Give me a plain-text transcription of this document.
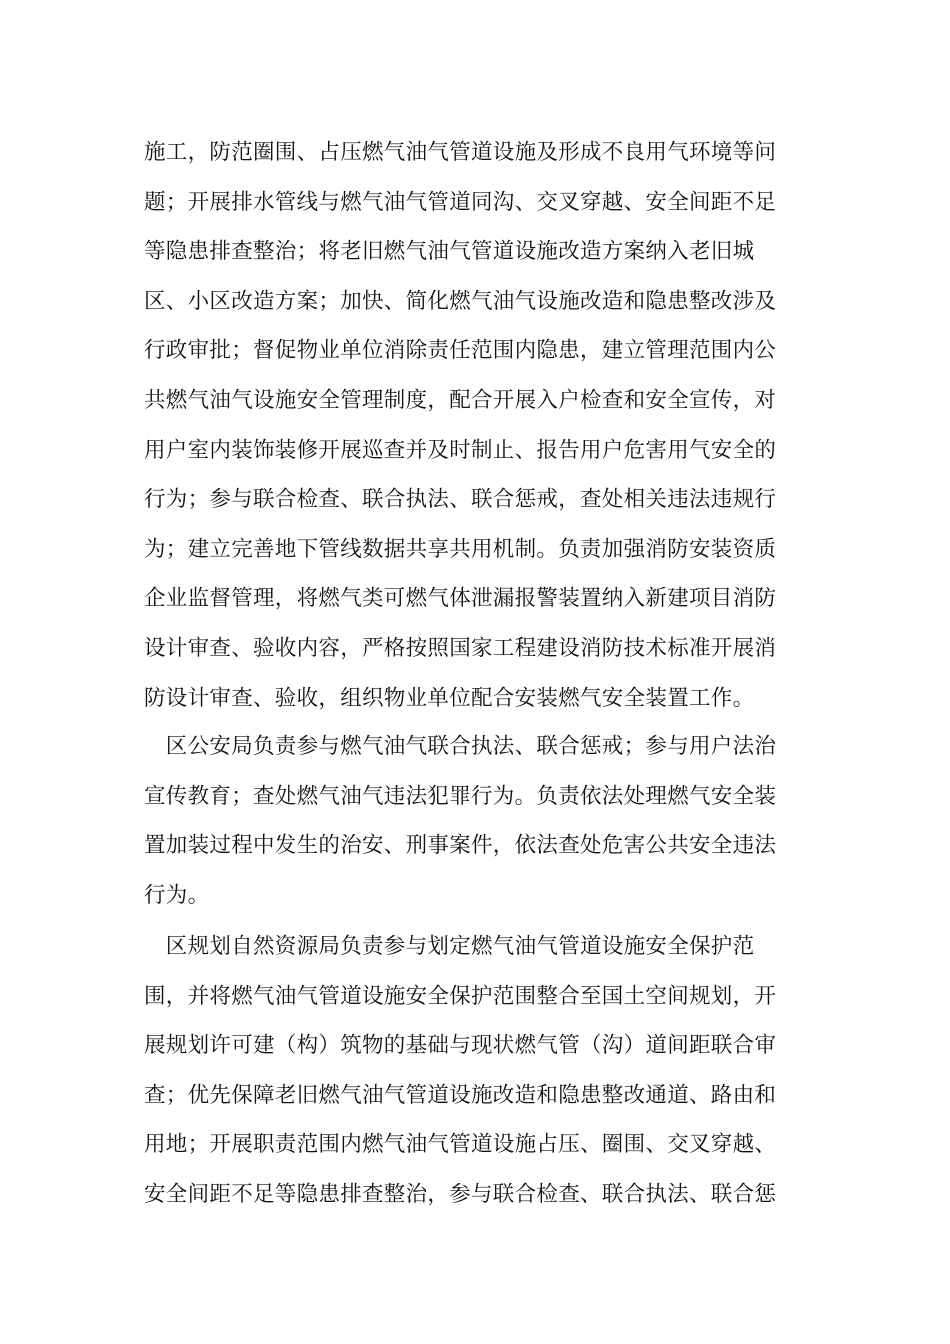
施工，防范圈围、占压燃气油气管道设施及形成不良用气环境等问
题；开展排水管线与燃气油气管道同沟、交叉穿越、安全间距不足
等隐患排查整治；将老旧燃气油气管道设施改造方案纳入老旧城
区、小区改造方案；加快、简化燃气油气设施改造和隐患整改涉及
行政审批；督促物业单位消除责任范围内隐患，建立管理范围内公
共燃气油气设施安全管理制度，配合开展入户检查和安全宣传，对
用户室内装饰装修开展巡查并及时制止、报告用户危害用气安全的
行为；参与联合检查、联合执法、联合惩戒，查处相关违法违规行
为；建立完善地下管线数据共享共用机制。负责加强消防安装资质
企业监督管理，将燃气类可燃气体泄漏报警装置纳入新建项目消防
设计审查、验收内容，严格按照国家工程建设消防技术标准开展消
防设计审查、验收，组织物业单位配合安装燃气安全装置工作。
　区公安局负责参与燃气油气联合执法、联合惩戒；参与用户法治
宣传教育；查处燃气油气违法犯罪行为。负责依法处理燃气安全装
置加装过程中发生的治安、刑事案件，依法查处危害公共安全违法
行为。
　区规划自然资源局负责参与划定燃气油气管道设施安全保护范
围，并将燃气油气管道设施安全保护范围整合至国土空间规划，开
展规划许可建（构）筑物的基础与现状燃气管（沟）道间距联合审
查；优先保障老旧燃气油气管道设施改造和隐患整改通道、路由和
用地；开展职责范围内燃气油气管道设施占压、圈围、交叉穿越、
安全间距不足等隐患排查整治，参与联合检查、联合执法、联合惩
